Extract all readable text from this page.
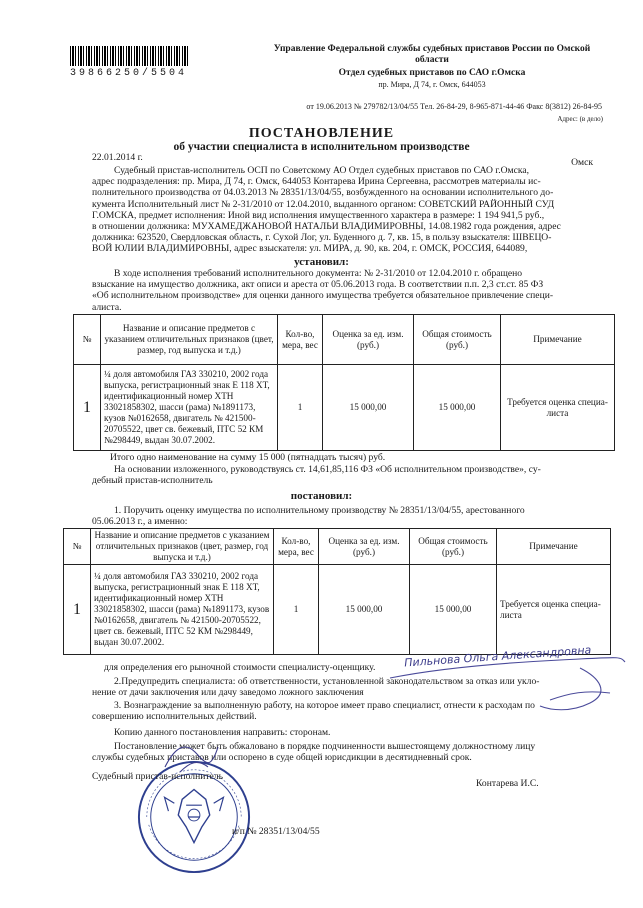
39866250/5504
Управление Федеральной службы судебных приставов России по Омской
области
Отдел судебных приставов по САО г.Омска
пр. Мира, Д 74, г. Омск, 644053
от 19.06.2013 № 279782/13/04/55 Тел. 26-84-29, 8-965-871-44-46 Факс 8(3812) 26-84-95
Адрес: (в дело)
ПОСТАНОВЛЕНИЕ
об участии специалиста в исполнительном производстве
22.01.2014 г.	Омск
Судебный пристав-исполнитель ОСП по Советскому АО Отдел судебных приставов по САО г.Омска,
адрес подразделения: пр. Мира, Д 74, г. Омск, 644053 Контарева Ирина Сергеевна, рассмотрев материалы ис-
полнительного производства от 04.03.2013 № 28351/13/04/55, возбужденного на основании исполнительного до-
кумента Исполнительный лист № 2-31/2010 от 12.04.2010, выданного органом: СОВЕТСКИЙ РАЙОННЫЙ СУД
Г.ОМСКА, предмет исполнения: Иной вид исполнения имущественного характера в размере: 1 194 941,5 руб.,
в отношении должника: МУХАМЕДЖАНОВОЙ НАТАЛЬИ ВЛАДИМИРОВНЫ, 14.08.1982 года рождения, адрес
должника: 623520, Свердловская область, г. Сухой Лог, ул. Буденного д. 7, кв. 15, в пользу взыскателя: ШВЕЦО-
ВОЙ ЮЛИИ ВЛАДИМИРОВНЫ, адрес взыскателя: ул. МИРА, д. 90, кв. 204, г. ОМСК, РОССИЯ, 644089,
установил:
В ходе исполнения требований исполнительного документа: № 2-31/2010 от 12.04.2010 г. обращено
взыскание на имущество должника, акт описи и ареста от 05.06.2013 года. В соответствии п.п. 2,3 ст.ст. 85 ФЗ
«Об исполнительном производстве» для оценки данного имущества требуется обязательное привлечение специ-
алиста.
№	Название и описание предметов с указанием отличительных признаков (цвет, размер, год выпуска и т.д.)	Кол-во, мера, вес	Оценка за ед. изм. (руб.)	Общая стоимость (руб.)	Примечание
1	¼ доля автомобиля ГАЗ 330210, 2002 года выпуска, регистрационный знак Е 118 ХТ, идентификационный номер ХТН 33021858302, шасси (рама) №1891173, кузов №0162658, двигатель № 421500-20705522, цвет св. бежевый, ПТС 52 КМ №298449, выдан 30.07.2002.	1	15 000,00	15 000,00	Требуется оценка специа-листа
Итого одно наименование на сумму 15 000 (пятнадцать тысяч) руб.
На основании изложенного, руководствуясь ст. 14,61,85,116 ФЗ «Об исполнительном производстве», су-
дебный пристав-исполнитель
постановил:
1. Поручить оценку имущества по исполнительному производству № 28351/13/04/55, арестованного
05.06.2013 г., а именно:
№	Название и описание предметов с указанием отличительных признаков (цвет, размер, год выпуска и т.д.)	Кол-во, мера, вес	Оценка за ед. изм. (руб.)	Общая стоимость (руб.)	Примечание
1	¼ доля автомобиля ГАЗ 330210, 2002 года выпуска, регистрационный знак Е 118 ХТ, идентификационный номер ХТН 33021858302, шасси (рама) №1891173, кузов №0162658, двигатель № 421500-20705522, цвет св. бежевый, ПТС 52 КМ №298449, выдан 30.07.2002.	1	15 000,00	15 000,00	Требуется оценка специа-листа
для определения его рыночной стоимости специалисту-оценщику.	Пильнова Ольга Александровна
2.Предупредить специалиста: об ответственности, установленной законодательством за отказ или укло-
нение от дачи заключения или дачу заведомо ложного заключения
3. Вознаграждение за выполненную работу, на которое имеет право специалист, отнести к расходам по
совершению исполнительных действий.
Копию данного постановления направить: сторонам.
Постановление может быть обжаловано в порядке подчиненности вышестоящему должностному лицу
службы судебных приставов или оспорено в суде общей юрисдикции в десятидневный срок.
Судебный пристав-исполнитель
Контарева И.С.
и/п № 28351/13/04/55
